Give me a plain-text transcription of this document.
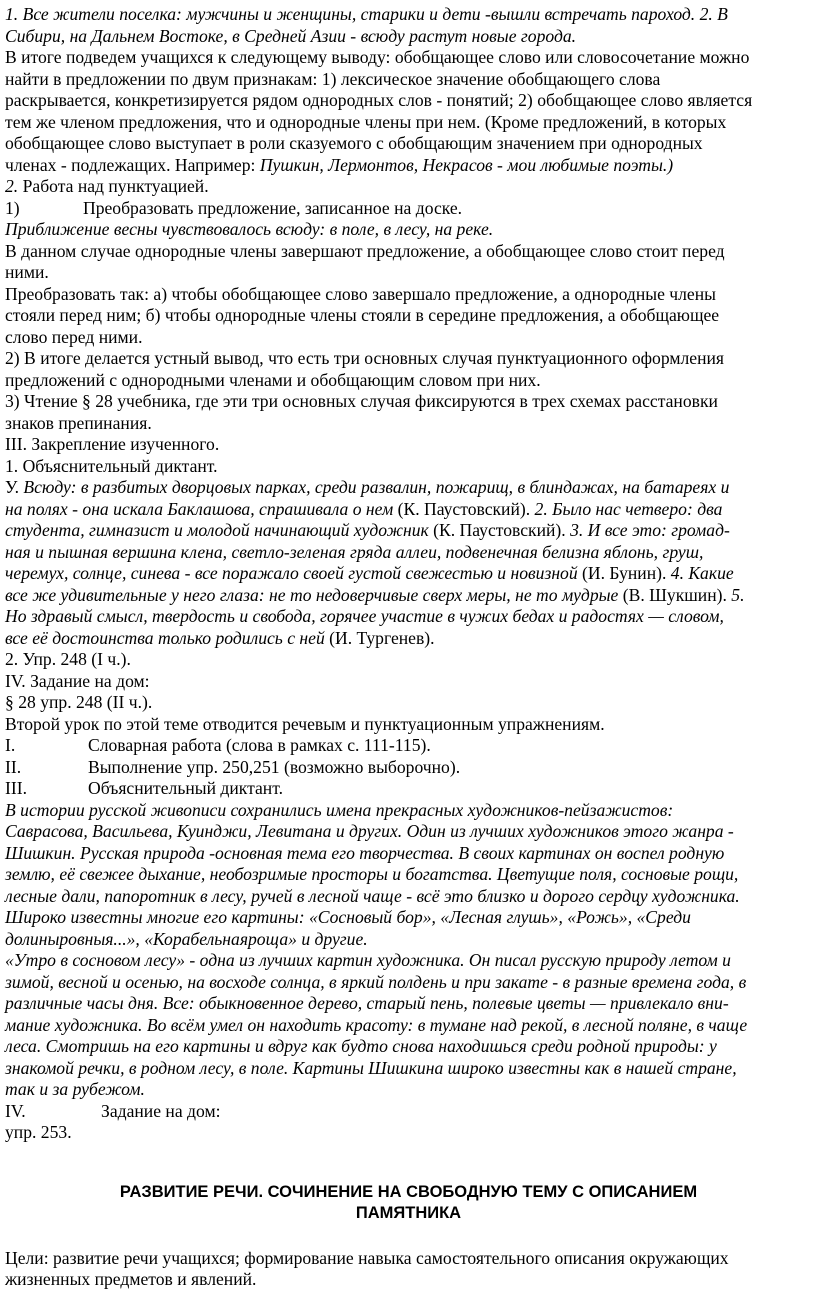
1. Все жители поселка: мужчины и женщины, старики и дети -вышли встречать пароход. 2. В
Сибири, на Дальнем Востоке, в Средней Азии - всюду растут новые города.
В итоге подведем учащихся к следующему выводу: обобщающее слово или словосочетание можно
найти в предложении по двум признакам: 1) лексическое значение обобщающего слова
раскрывается, конкретизируется рядом однородных слов - понятий; 2) обобщающее слово является
тем же членом предложения, что и однородные члены при нем. (Кроме предложений, в которых
обобщающее слово выступает в роли сказуемого с обобщающим значением при однородных
членах - подлежащих. Например: Пушкин, Лермонтов, Некрасов - мои любимые поэты.)
2. Работа над пунктуацией.
1)	Преобразовать предложение, записанное на доске.
Приближение весны чувствовалось всюду: в поле, в лесу, на реке.
В данном случае однородные члены завершают предложение, а обобщающее слово стоит перед
ними.
Преобразовать так: а) чтобы обобщающее слово завершало предложение, а однородные члены
стояли перед ним; б) чтобы однородные члены стояли в середине предложения, а обобщающее
слово перед ними.
2) В итоге делается устный вывод, что есть три основных случая пунктуационного оформления
предложений с однородными членами и обобщающим словом при них.
3) Чтение § 28 учебника, где эти три основных случая фиксируются в трех схемах расстановки
знаков препинания.
III. Закрепление изученного.
1. Объяснительный диктант.
У. Всюду: в разбитых дворцовых парках, среди развалин, пожарищ, в блиндажах, на батареях и
на полях - она искала Баклашова, спрашивала о нем (К. Паустовский). 2. Было нас четверо: два
студента, гимназист и молодой начинающий художник (К. Паустовский). 3. И все это: громад-
ная и пышная вершина клена, светло-зеленая гряда аллеи, подвенечная белизна яблонь, груш,
черемух, солнце, синева - все поражало своей густой свежестью и новизной (И. Бунин). 4. Какие
все же удивительные у него глаза: не то недоверчивые сверх меры, не то мудрые (В. Шукшин). 5.
Но здравый смысл, твердость и свобода, горячее участие в чужих бедах и радостях — словом,
все её достоинства только родились с ней (И. Тургенев).
2. Упр. 248 (I ч.).
IV. Задание на дом:
§ 28 упр. 248 (II ч.).
Второй урок по этой теме отводится речевым и пунктуационным упражнениям.
I.	Словарная работа (слова в рамках с. 111-115).
II.	Выполнение упр. 250,251 (возможно выборочно).
III.	Объяснительный диктант.
В истории русской живописи сохранились имена прекрасных художников-пейзажистов:
Саврасова, Васильева, Куинджи, Левитана и других. Один из лучших художников этого жанра -
Шишкин. Русская природа -основная тема его творчества. В своих картинах он воспел родную
землю, её свежее дыхание, необозримые просторы и богатства. Цветущие поля, сосновые рощи,
лесные дали, папоротник в лесу, ручей в лесной чаще - всё это близко и дорого сердцу художника.
Широко известны многие его картины: «Сосновый бор», «Лесная глушь», «Рожь», «Среди
долиныровныя...», «Корабельнаяроща» и другие.
«Утро в сосновом лесу» - одна из лучших картин художника. Он писал русскую природу летом и
зимой, весной и осенью, на восходе солнца, в яркий полдень и при закате - в разные времена года, в
различные часы дня. Все: обыкновенное дерево, старый пень, полевые цветы — привлекало вни-
мание художника. Во всём умел он находить красоту: в тумане над рекой, в лесной поляне, в чаще
леса. Смотришь на его картины и вдруг как будто снова находишься среди родной природы: у
знакомой речки, в родном лесу, в поле. Картины Шишкина широко известны как в нашей стране,
так и за рубежом.
IV.	Задание на дом:
упр. 253.
РАЗВИТИЕ РЕЧИ. СОЧИНЕНИЕ НА СВОБОДНУЮ ТЕМУ С ОПИСАНИЕМ
ПАМЯТНИКА
Цели: развитие речи учащихся; формирование навыка самостоятельного описания окружающих
жизненных предметов и явлений.
